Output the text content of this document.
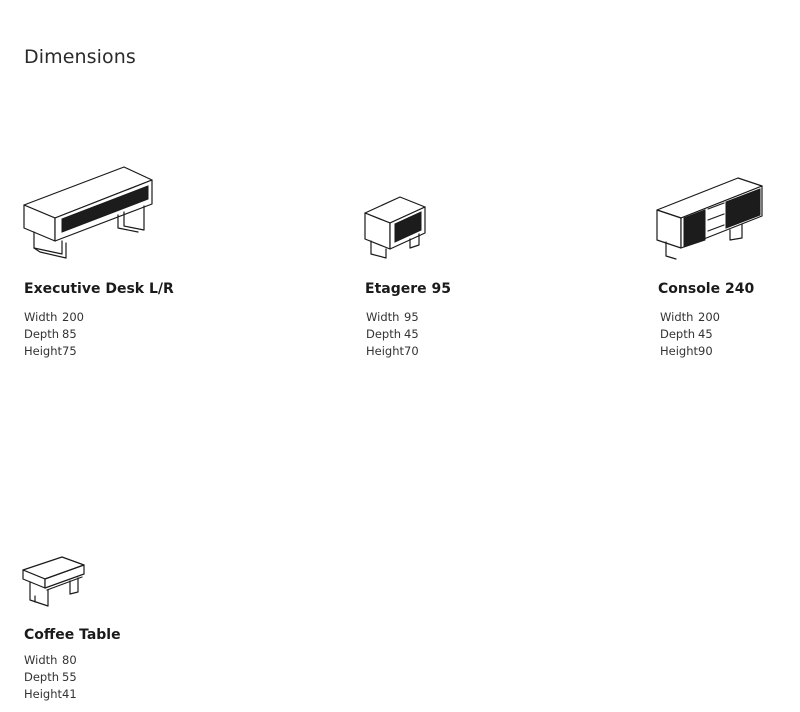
Dimensions
Executive Desk L/R
Width	200
Depth	85
Height	75
Etagere 95
Width	95
Depth	45
Height	70
Console 240
Width	200
Depth	45
Height	90
Coffee Table
Width	80
Depth	55
Height	41
